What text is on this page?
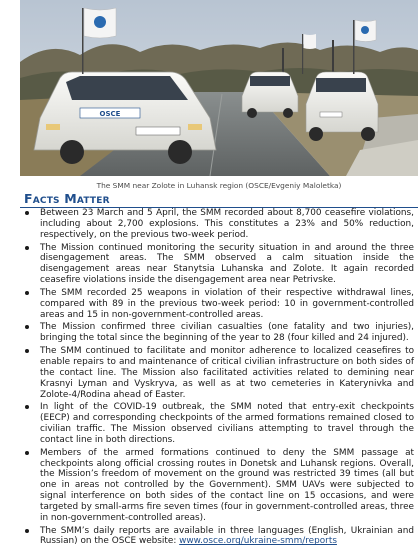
OSCE
The SMM near Zolote in Luhansk region (OSCE/Evgeniy Maloletka)
Facts Matter
Between 23 March and 5 April, the SMM recorded about 8,700 ceasefire violations, including about 2,700 explosions. This constitutes a 23% and 50% reduction, respectively, on the previous two-week period.
The Mission continued monitoring the security situation in and around the three disengagement areas. The SMM observed a calm situation inside the disengagement areas near Stanytsia Luhanska and Zolote. It again recorded ceasefire violations inside the disengagement area near Petrivske.
The SMM recorded 25 weapons in violation of their respective withdrawal lines, compared with 89 in the previous two-week period: 10 in government-controlled areas and 15 in non-government-controlled areas.
The Mission confirmed three civilian casualties (one fatality and two injuries), bringing the total since the beginning of the year to 28 (four killed and 24 injured).
The SMM continued to facilitate and monitor adherence to localized ceasefires to enable repairs to and maintenance of critical civilian infrastructure on both sides of the contact line. The Mission also facilitated activities related to demining near Krasnyi Lyman and Vyskryva, as well as at two cemeteries in Katerynivka and Zolote-4/Rodina ahead of Easter.
In light of the COVID-19 outbreak, the SMM noted that entry-exit checkpoints (EECP) and corresponding checkpoints of the armed formations remained closed to civilian traffic. The Mission observed civilians attempting to travel through the contact line in both directions.
Members of the armed formations continued to deny the SMM passage at checkpoints along official crossing routes in Donetsk and Luhansk regions. Overall, the Mission’s freedom of movement on the ground was restricted 39 times (all but one in areas not controlled by the Government). SMM UAVs were subjected to signal interference on both sides of the contact line on 15 occasions, and were targeted by small-arms fire seven times (four in government-controlled areas, three in non-government-controlled areas).
The SMM’s daily reports are available in three languages (English, Ukrainian and Russian) on the OSCE website: www.osce.org/ukraine-smm/reports
